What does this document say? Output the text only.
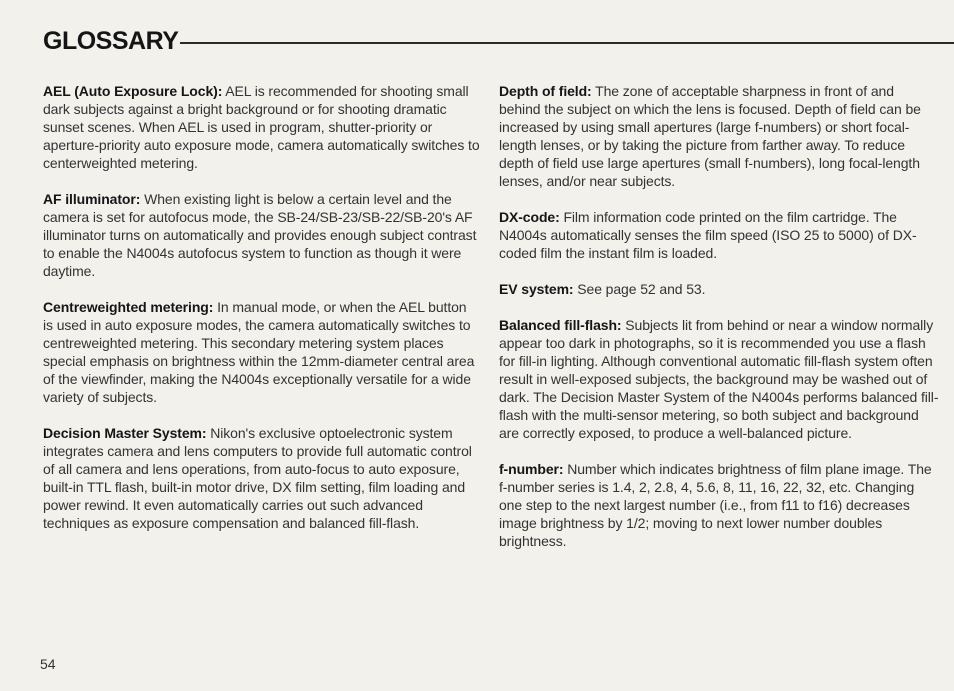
GLOSSARY

AEL (Auto Exposure Lock): AEL is recommended for shooting small dark subjects against a bright background or for shooting dramatic sunset scenes. When AEL is used in program, shutter-priority or aperture-priority auto exposure mode, camera automatically switches to centerweighted metering.

AF illuminator: When existing light is below a certain level and the camera is set for autofocus mode, the SB-24/SB-23/SB-22/SB-20's AF illuminator turns on automatically and provides enough subject contrast to enable the N4004s autofocus system to function as though it were daytime.

Centreweighted metering: In manual mode, or when the AEL button is used in auto exposure modes, the camera automatically switches to centreweighted metering. This secondary metering system places special emphasis on brightness within the 12mm-diameter central area of the viewfinder, making the N4004s exceptionally versatile for a wide variety of subjects.

Decision Master System: Nikon's exclusive optoelectronic system integrates camera and lens computers to provide full automatic control of all camera and lens operations, from auto-focus to auto exposure, built-in TTL flash, built-in motor drive, DX film setting, film loading and power rewind. It even automatically carries out such advanced techniques as exposure compensation and balanced fill-flash.

Depth of field: The zone of acceptable sharpness in front of and behind the subject on which the lens is focused. Depth of field can be increased by using small apertures (large f-numbers) or short focal-length lenses, or by taking the picture from farther away. To reduce depth of field use large apertures (small f-numbers), long focal-length lenses, and/or near subjects.

DX-code: Film information code printed on the film cartridge. The N4004s automatically senses the film speed (ISO 25 to 5000) of DX-coded film the instant film is loaded.

EV system: See page 52 and 53.

Balanced fill-flash: Subjects lit from behind or near a window normally appear too dark in photographs, so it is recommended you use a flash for fill-in lighting. Although conventional automatic fill-flash system often result in well-exposed subjects, the background may be washed out of dark. The Decision Master System of the N4004s performs balanced fill-flash with the multi-sensor metering, so both subject and background are correctly exposed, to produce a well-balanced picture.

f-number: Number which indicates brightness of film plane image. The f-number series is 1.4, 2, 2.8, 4, 5.6, 8, 11, 16, 22, 32, etc. Changing one step to the next largest number (i.e., from f11 to f16) decreases image brightness by 1/2; moving to next lower number doubles brightness.

54
